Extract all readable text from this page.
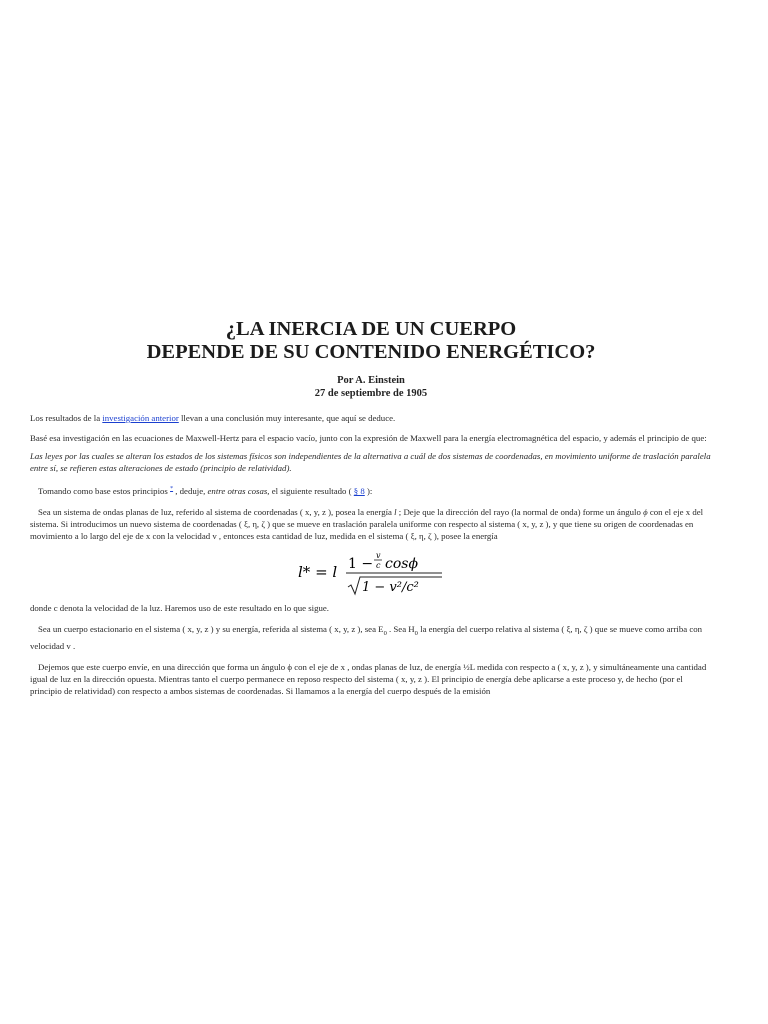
¿LA INERCIA DE UN CUERPO
DEPENDE DE SU CONTENIDO ENERGÉTICO?
Por A. Einstein
27 de septiembre de 1905

Los resultados de la investigación anterior llevan a una conclusión muy interesante, que aquí se deduce.

Basé esa investigación en las ecuaciones de Maxwell-Hertz para el espacio vacío, junto con la expresión de Maxwell para la energía electromagnética del espacio, y además el principio de que:

Las leyes por las cuales se alteran los estados de los sistemas físicos son independientes de la alternativa a cuál de dos sistemas de coordenadas, en movimiento uniforme de traslación paralela entre sí, se refieren estas alteraciones de estado (principio de relatividad).

Tomando como base estos principios * , deduje, entre otras cosas, el siguiente resultado ( § 8 ):

Sea un sistema de ondas planas de luz, referido al sistema de coordenadas ( x, y, z ), posea la energía l ; Deje que la dirección del rayo (la normal de onda) forme un ángulo ϕ con el eje x del sistema. Si introducimos un nuevo sistema de coordenadas ( ξ, η, ζ ) que se mueve en traslación paralela uniforme con respecto al sistema ( x, y, z ), y que tiene su origen de coordenadas en movimiento a lo largo del eje de x con la velocidad v , entonces esta cantidad de luz, medida en el sistema ( ξ, η, ζ ), posee la energía

l* = l 1 −
v
c cosϕ
1 − v²/c²

donde c denota la velocidad de la luz. Haremos uso de este resultado en lo que sigue.

Sea un cuerpo estacionario en el sistema ( x, y, z ) y su energía, referida al sistema ( x, y, z ), sea $E_0$ . Sea $H_0$ la energía del cuerpo relativa al sistema ( ξ, η, ζ ) que se mueve como arriba con velocidad v .

Dejemos que este cuerpo envíe, en una dirección que forma un ángulo ϕ con el eje de x , ondas planas de luz, de energía ½L medida con respecto a ( x, y, z ), y simultáneamente una cantidad igual de luz en la dirección opuesta. Mientras tanto el cuerpo permanece en reposo respecto del sistema ( x, y, z ). El principio de energía debe aplicarse a este proceso y, de hecho (por el principio de relatividad) con respecto a ambos sistemas de coordenadas. Si llamamos a la energía del cuerpo después de la emisión
